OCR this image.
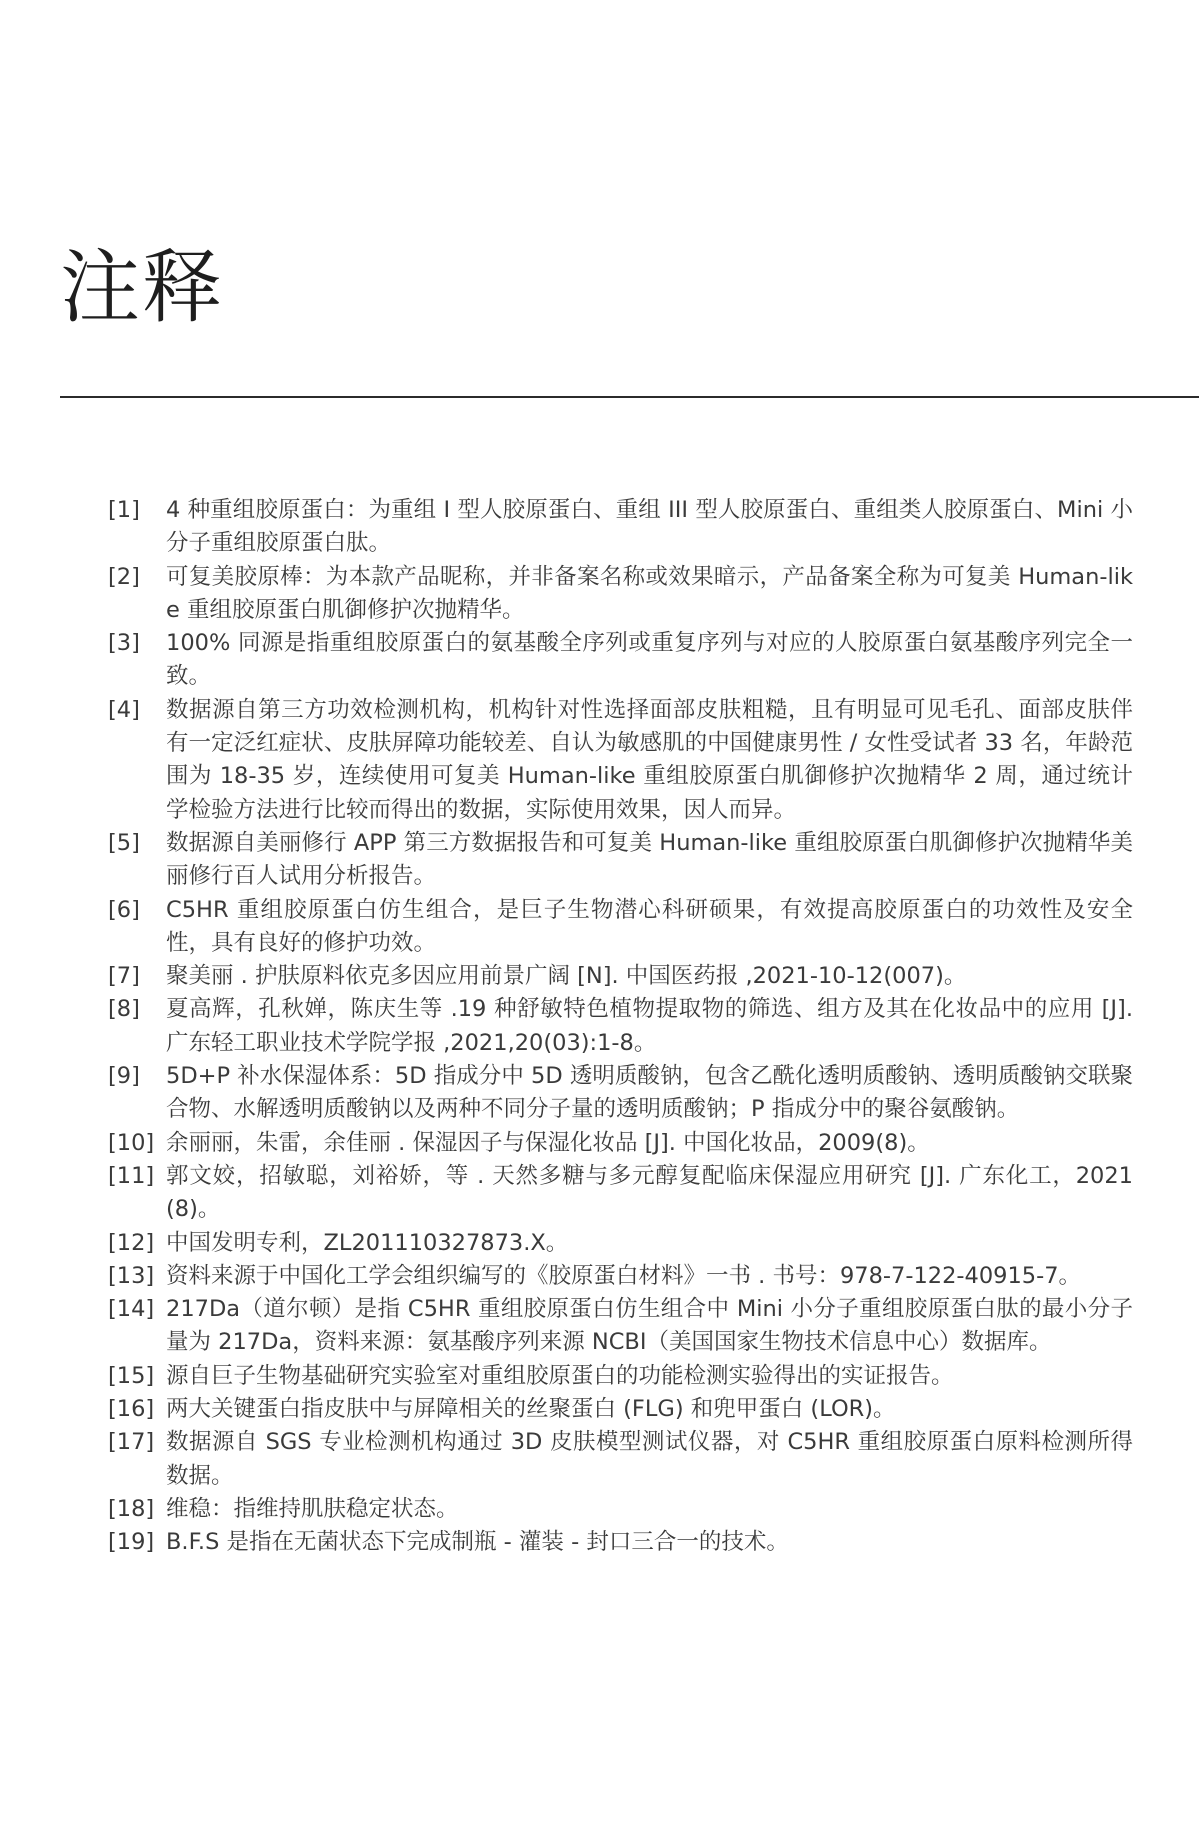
注释
[1]	4 种重组胶原蛋白：为重组 I 型人胶原蛋白、重组 III 型人胶原蛋白、重组类人胶原蛋白、Mini 小分子重组胶原蛋白肽。
[2]	可复美胶原棒：为本款产品昵称，并非备案名称或效果暗示，产品备案全称为可复美 Human-like 重组胶原蛋白肌御修护次抛精华。
[3]	100% 同源是指重组胶原蛋白的氨基酸全序列或重复序列与对应的人胶原蛋白氨基酸序列完全一致。
[4]	数据源自第三方功效检测机构，机构针对性选择面部皮肤粗糙，且有明显可见毛孔、面部皮肤伴有一定泛红症状、皮肤屏障功能较差、自认为敏感肌的中国健康男性 / 女性受试者 33 名，年龄范围为 18-35 岁，连续使用可复美 Human-like 重组胶原蛋白肌御修护次抛精华 2 周，通过统计学检验方法进行比较而得出的数据，实际使用效果，因人而异。
[5]	数据源自美丽修行 APP 第三方数据报告和可复美 Human-like 重组胶原蛋白肌御修护次抛精华美丽修行百人试用分析报告。
[6]	C5HR 重组胶原蛋白仿生组合，是巨子生物潜心科研硕果，有效提高胶原蛋白的功效性及安全性，具有良好的修护功效。
[7]	聚美丽 . 护肤原料依克多因应用前景广阔 [N]. 中国医药报 ,2021-10-12(007)。
[8]	夏高辉，孔秋婵，陈庆生等 .19 种舒敏特色植物提取物的筛选、组方及其在化妆品中的应用 [J]. 广东轻工职业技术学院学报 ,2021,20(03):1-8。
[9]	5D+P 补水保湿体系：5D 指成分中 5D 透明质酸钠，包含乙酰化透明质酸钠、透明质酸钠交联聚合物、水解透明质酸钠以及两种不同分子量的透明质酸钠；P 指成分中的聚谷氨酸钠。
[10] 余丽丽，朱雷，余佳丽 . 保湿因子与保湿化妆品 [J]. 中国化妆品，2009(8)。
[11] 郭文姣，招敏聪，刘裕娇，等 . 天然多糖与多元醇复配临床保湿应用研究 [J]. 广东化工，2021 (8)。
[12] 中国发明专利，ZL201110327873.X。
[13] 资料来源于中国化工学会组织编写的《胶原蛋白材料》一书 . 书号：978-7-122-40915-7。
[14] 217Da（道尔顿）是指 C5HR 重组胶原蛋白仿生组合中 Mini 小分子重组胶原蛋白肽的最小分子量为 217Da，资料来源：氨基酸序列来源 NCBI（美国国家生物技术信息中心）数据库。
[15] 源自巨子生物基础研究实验室对重组胶原蛋白的功能检测实验得出的实证报告。
[16] 两大关键蛋白指皮肤中与屏障相关的丝聚蛋白 (FLG) 和兜甲蛋白 (LOR)。
[17] 数据源自 SGS 专业检测机构通过 3D 皮肤模型测试仪器，对 C5HR 重组胶原蛋白原料检测所得数据。
[18] 维稳：指维持肌肤稳定状态。
[19] B.F.S 是指在无菌状态下完成制瓶 - 灌装 - 封口三合一的技术。
